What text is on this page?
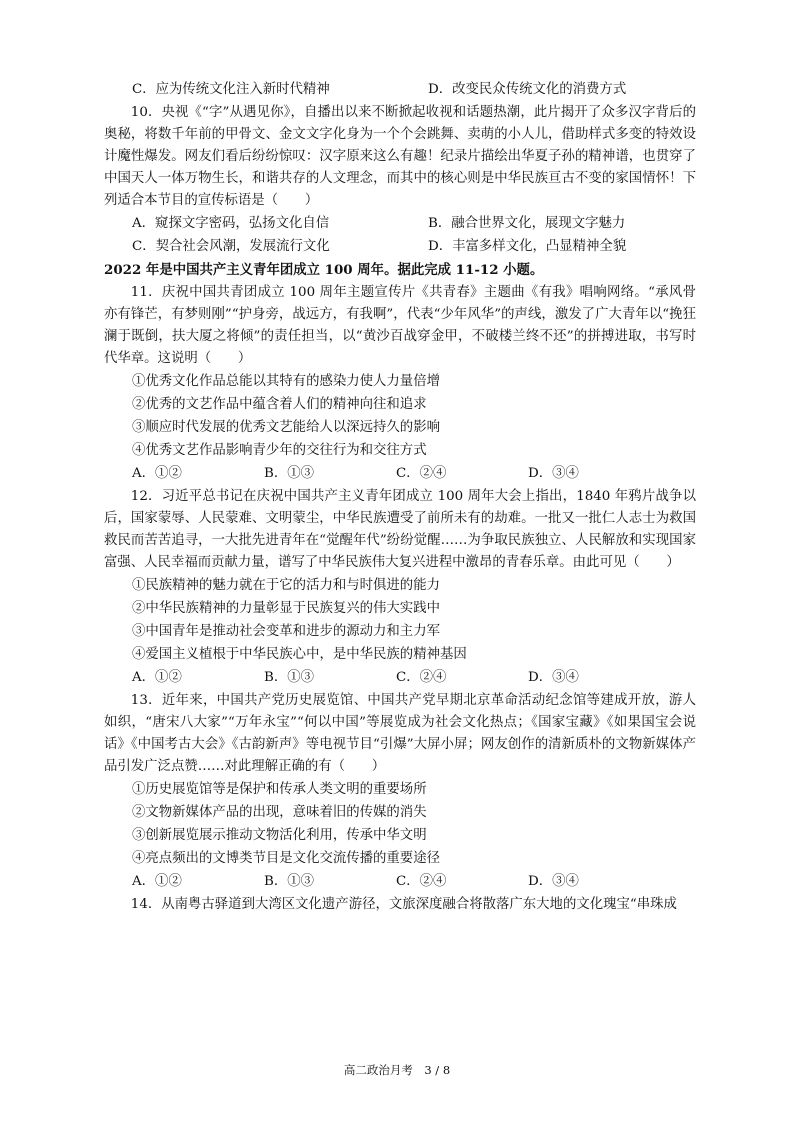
C．应为传统文化注入新时代精神	D．改变民众传统文化的消费方式
10．央视《“字”从遇见你》，自播出以来不断掀起收视和话题热潮，此片揭开了众多汉字背后的奥秘，将数千年前的甲骨文、金文文字化身为一个个会跳舞、卖萌的小人儿，借助样式多变的特效设计魔性爆发。网友们看后纷纷惊叹：汉字原来这么有趣！纪录片描绘出华夏子孙的精神谱，也贯穿了中国天人一体万物生长，和谐共存的人文理念，而其中的核心则是中华民族亘古不变的家国情怀！下列适合本节目的宣传标语是（　　）
A．窥探文字密码，弘扬文化自信	B．融合世界文化，展现文字魅力
C．契合社会风潮，发展流行文化	D．丰富多样文化，凸显精神全貌
2022 年是中国共产主义青年团成立 100 周年。据此完成 11-12 小题。
11．庆祝中国共青团成立 100 周年主题宣传片《共青春》主题曲《有我》唱响网络。“承风骨亦有锋芒，有梦则刚”“护身旁，战远方，有我啊”，代表“少年风华”的声线，激发了广大青年以“挽狂澜于既倒，扶大厦之将倾”的责任担当，以“黄沙百战穿金甲，不破楼兰终不还”的拼搏进取，书写时代华章。这说明（　　）
①优秀文化作品总能以其特有的感染力使人力量倍增
②优秀的文艺作品中蕴含着人们的精神向往和追求
③顺应时代发展的优秀文艺能给人以深远持久的影响
④优秀文艺作品影响青少年的交往行为和交往方式
A．①②	B．①③	C．②④	D．③④
12．习近平总书记在庆祝中国共产主义青年团成立 100 周年大会上指出，1840 年鸦片战争以后，国家蒙辱、人民蒙难、文明蒙尘，中华民族遭受了前所未有的劫难。一批又一批仁人志士为救国救民而苦苦追寻，一大批先进青年在“觉醒年代”纷纷觉醒……为争取民族独立、人民解放和实现国家富强、人民幸福而贡献力量，谱写了中华民族伟大复兴进程中激昂的青春乐章。由此可见（　　）
①民族精神的魅力就在于它的活力和与时俱进的能力
②中华民族精神的力量彰显于民族复兴的伟大实践中
③中国青年是推动社会变革和进步的源动力和主力军
④爱国主义植根于中华民族心中，是中华民族的精神基因
A．①②	B．①③	C．②④	D．③④
13．近年来，中国共产党历史展览馆、中国共产党早期北京革命活动纪念馆等建成开放，游人如织，“唐宋八大家”“万年永宝”“何以中国”等展览成为社会文化热点；《国家宝藏》《如果国宝会说话》《中国考古大会》《古韵新声》等电视节目“引爆”大屏小屏；网友创作的清新质朴的文物新媒体产品引发广泛点赞……对此理解正确的有（　　）
①历史展览馆等是保护和传承人类文明的重要场所
②文物新媒体产品的出现，意味着旧的传媒的消失
③创新展览展示推动文物活化利用，传承中华文明
④亮点频出的文博类节目是文化交流传播的重要途径
A．①②	B．①③	C．②④	D．③④
14．从南粤古驿道到大湾区文化遗产游径，文旅深度融合将散落广东大地的文化瑰宝“串珠成
高二政治月考　3 / 8
